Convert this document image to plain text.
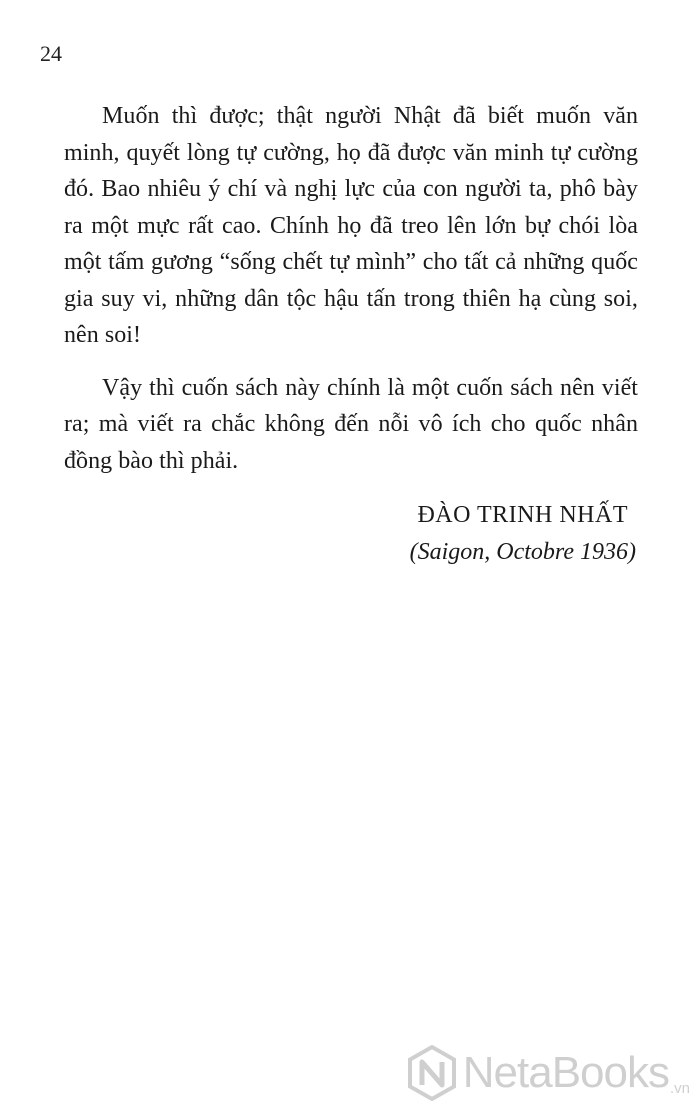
24

Muốn thì được; thật người Nhật đã biết muốn văn minh, quyết lòng tự cường, họ đã được văn minh tự cường đó. Bao nhiêu ý chí và nghị lực của con người ta, phô bày ra một mực rất cao. Chính họ đã treo lên lớn bự chói lòa một tấm gương “sống chết tự mình” cho tất cả những quốc gia suy vi, những dân tộc hậu tấn trong thiên hạ cùng soi, nên soi!

Vậy thì cuốn sách này chính là một cuốn sách nên viết ra; mà viết ra chắc không đến nỗi vô ích cho quốc nhân đồng bào thì phải.

ĐÀO TRINH NHẤT
(Saigon, Octobre 1936)
NetaBooks .vn
